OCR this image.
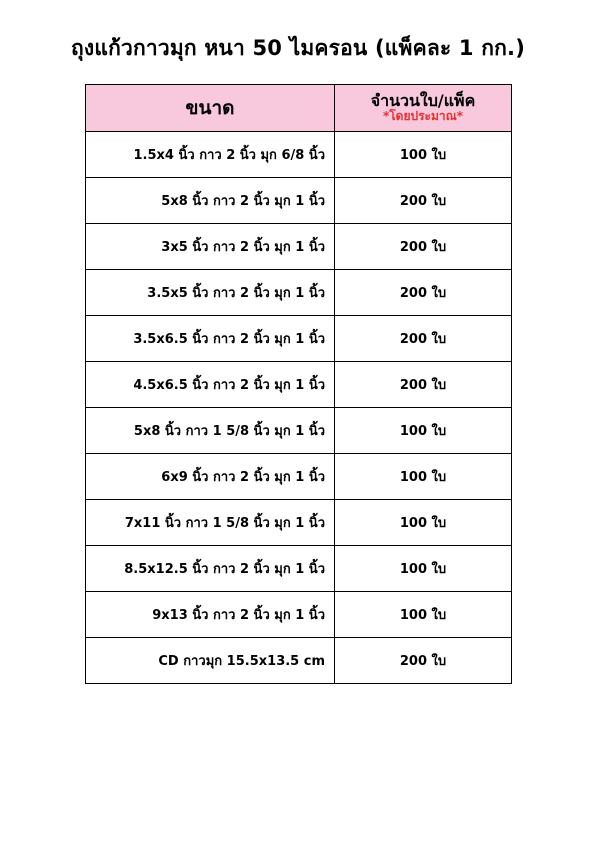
ถุงแก้วกาวมุก หนา 50 ไมครอน (แพ็คละ 1 กก.)
ขนาด	จำนวนใบ/แพ็ค
*โดยประมาณ*

1.5x4 นิ้ว กาว 2 นิ้ว มุก 6/8 นิ้ว	100 ใบ
5x8 นิ้ว กาว 2 นิ้ว มุก 1 นิ้ว	200 ใบ
3x5 นิ้ว กาว 2 นิ้ว มุก 1 นิ้ว	200 ใบ
3.5x5 นิ้ว กาว 2 นิ้ว มุก 1 นิ้ว	200 ใบ
3.5x6.5 นิ้ว กาว 2 นิ้ว มุก 1 นิ้ว	200 ใบ
4.5x6.5 นิ้ว กาว 2 นิ้ว มุก 1 นิ้ว	200 ใบ
5x8 นิ้ว กาว 1 5/8 นิ้ว มุก 1 นิ้ว	100 ใบ
6x9 นิ้ว กาว 2 นิ้ว มุก 1 นิ้ว	100 ใบ
7x11 นิ้ว กาว 1 5/8 นิ้ว มุก 1 นิ้ว	100 ใบ
8.5x12.5 นิ้ว กาว 2 นิ้ว มุก 1 นิ้ว	100 ใบ
9x13 นิ้ว กาว 2 นิ้ว มุก 1 นิ้ว	100 ใบ
CD กาวมุก 15.5x13.5 cm	200 ใบ
